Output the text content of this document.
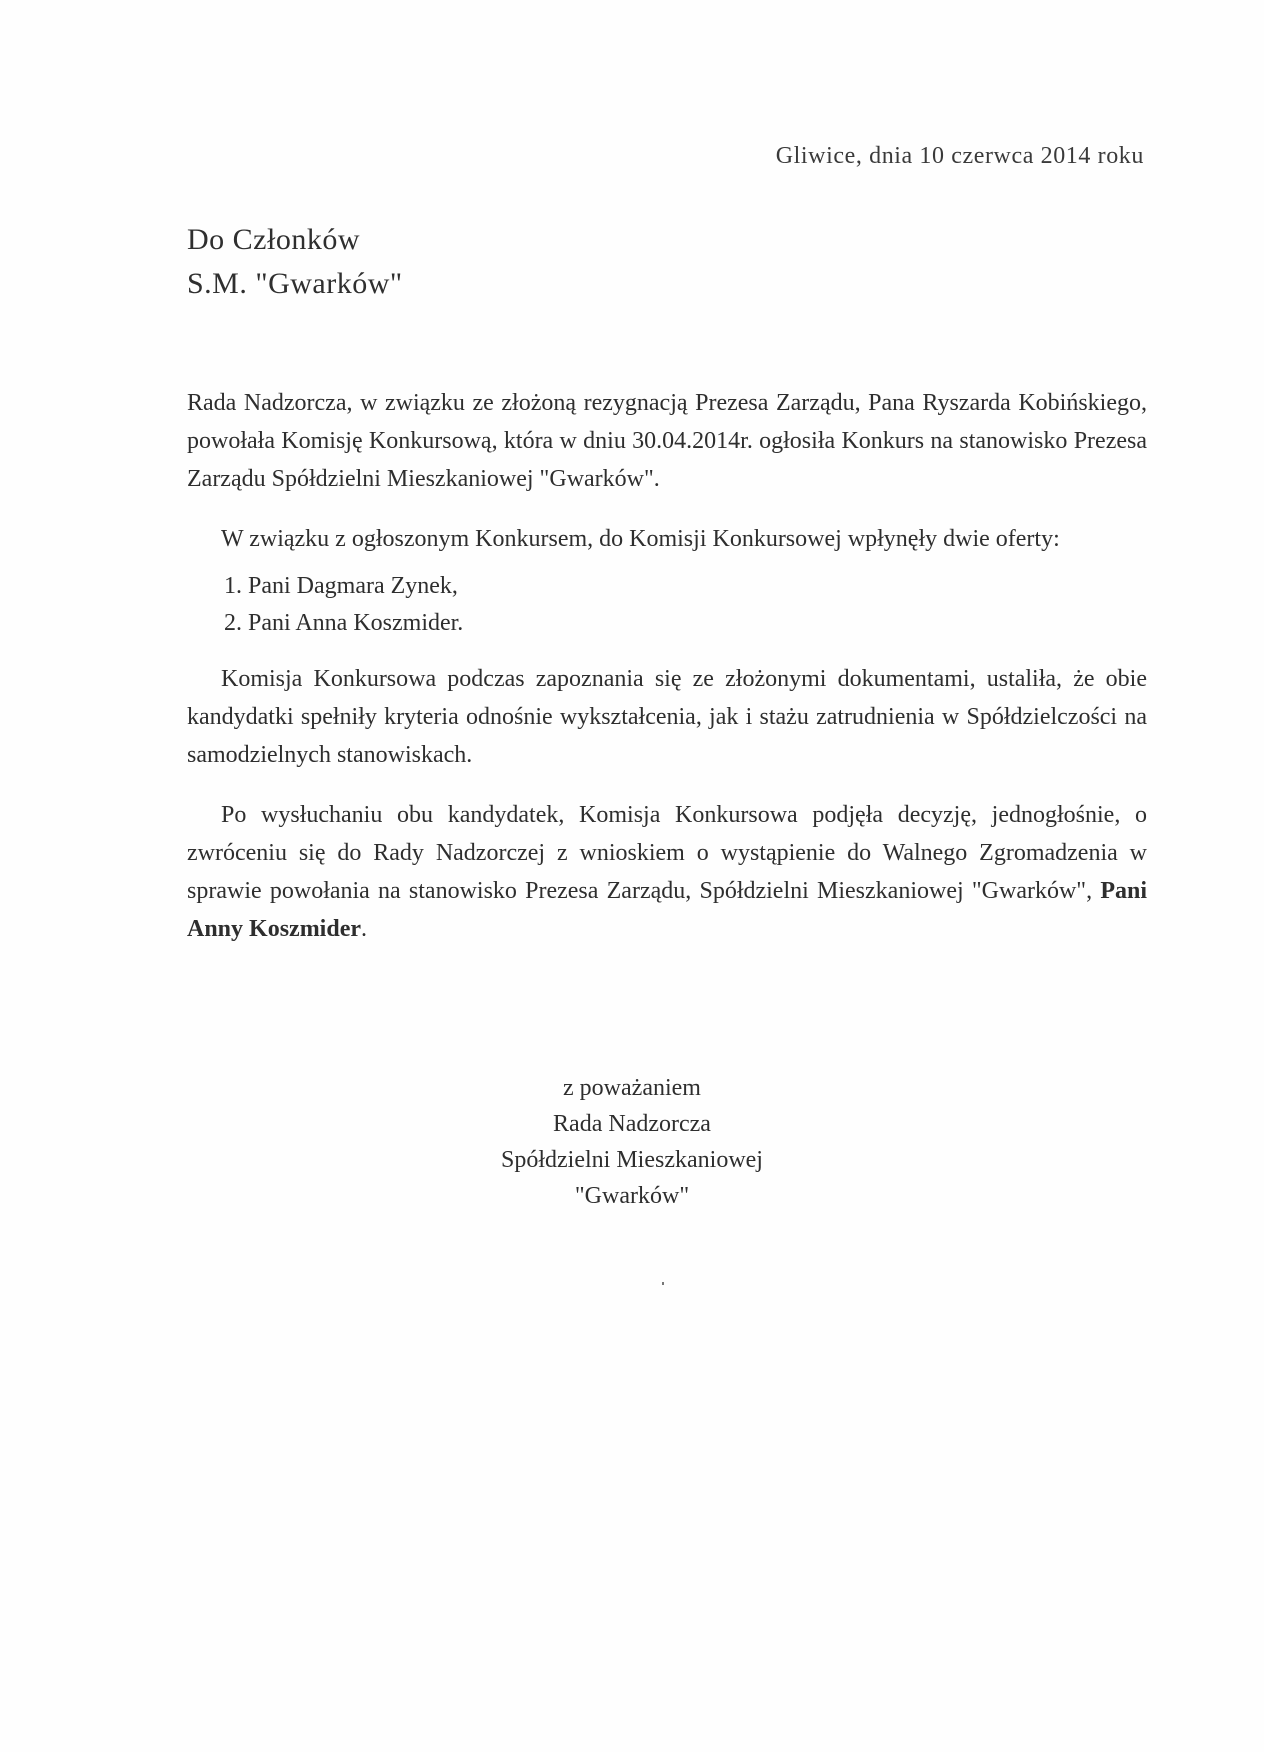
Gliwice, dnia 10 czerwca 2014 roku
Do Członków
S.M. "Gwarków"

Rada Nadzorcza, w związku ze złożoną rezygnacją Prezesa Zarządu, Pana Ryszarda Kobińskiego, powołała Komisję Konkursową, która w dniu 30.04.2014r. ogłosiła Konkurs na stanowisko Prezesa Zarządu Spółdzielni Mieszkaniowej "Gwarków".

W związku z ogłoszonym Konkursem, do Komisji Konkursowej wpłynęły dwie oferty:

1. Pani Dagmara Zynek,
2. Pani Anna Koszmider.

Komisja Konkursowa podczas zapoznania się ze złożonymi dokumentami, ustaliła, że obie kandydatki spełniły kryteria odnośnie wykształcenia, jak i stażu zatrudnienia w Spółdzielczości na samodzielnych stanowiskach.

Po wysłuchaniu obu kandydatek, Komisja Konkursowa podjęła decyzję, jednogłośnie, o zwróceniu się do Rady Nadzorczej z wnioskiem o wystąpienie do Walnego Zgromadzenia w sprawie powołania na stanowisko Prezesa Zarządu, Spółdzielni Mieszkaniowej "Gwarków", Pani Anny Koszmider.

z poważaniem
Rada Nadzorcza
Spółdzielni Mieszkaniowej
"Gwarków"
